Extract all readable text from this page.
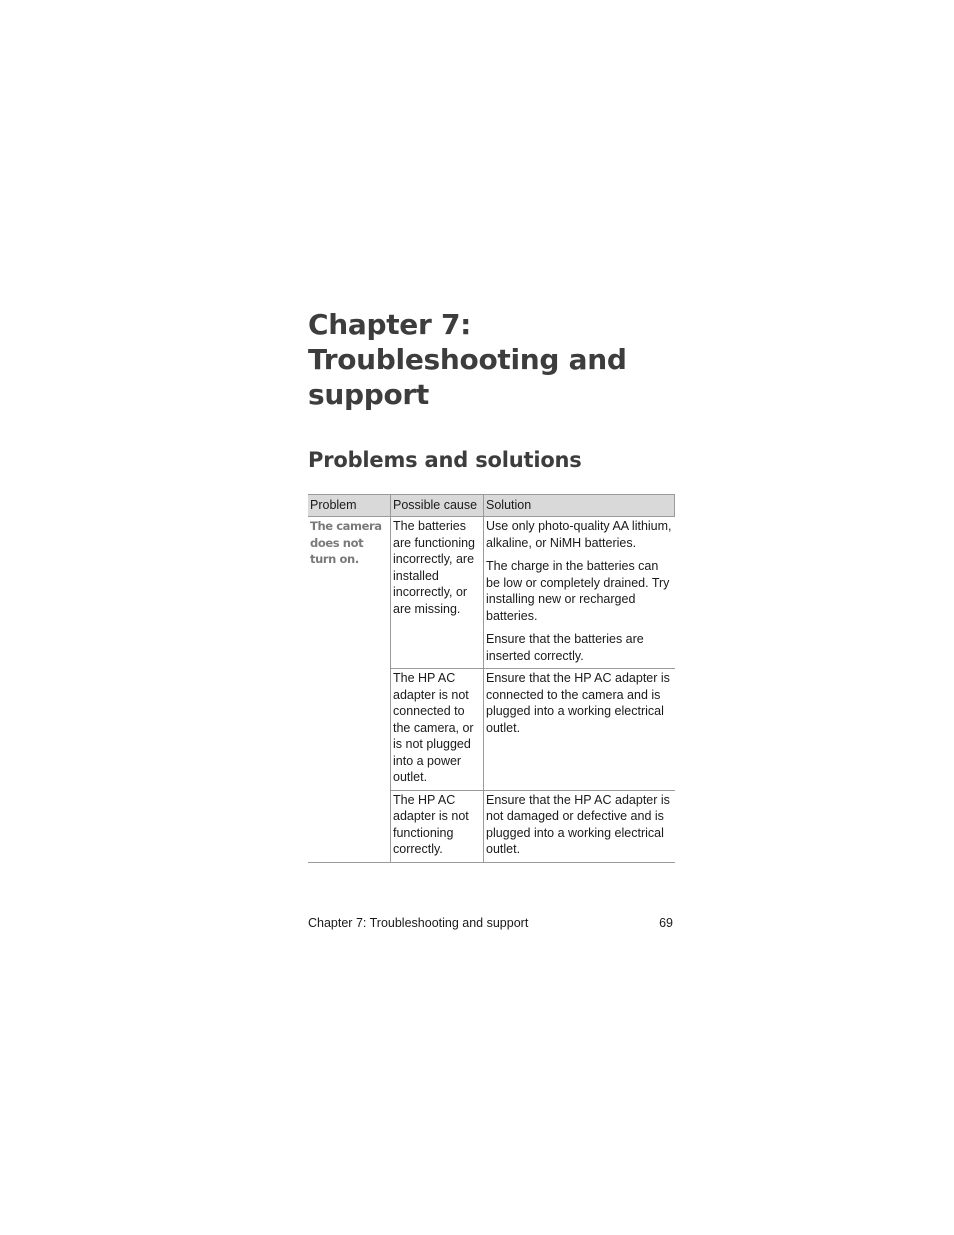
Chapter 7:
Troubleshooting and
support
Problems and solutions
Problem	Possible cause	Solution
The camera does not turn on.	The batteries are functioning incorrectly, are installed incorrectly, or are missing.	Use only photo-quality AA lithium, alkaline, or NiMH batteries.

The charge in the batteries can be low or completely drained. Try installing new or recharged batteries.

Ensure that the batteries are inserted correctly.

	The HP AC adapter is not connected to the camera, or is not plugged into a power outlet.	Ensure that the HP AC adapter is connected to the camera and is plugged into a working electrical outlet.

	The HP AC adapter is not functioning correctly.	Ensure that the HP AC adapter is not damaged or defective and is plugged into a working electrical outlet.

Chapter 7: Troubleshooting and support	69
